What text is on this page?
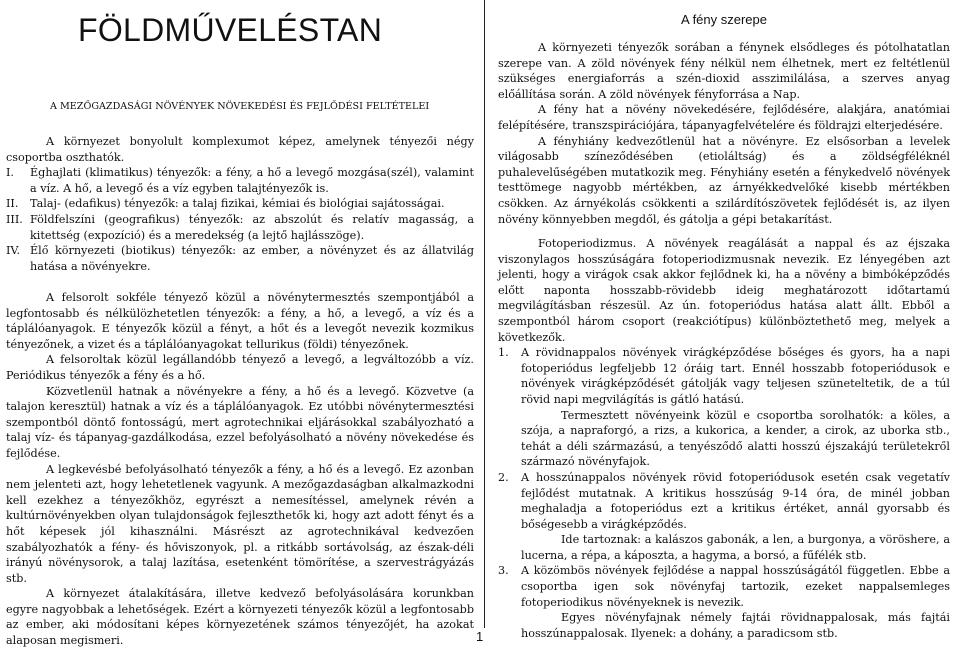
FÖLDMŰVELÉSTAN
A MEZŐGAZDASÁGI NÖVÉNYEK NÖVEKEDÉSI ÉS FEJLŐDÉSI FELTÉTELEI

A környezet bonyolult komplexumot képez, amelynek tényezői négy csoportba oszthatók.

I. Éghajlati (klimatikus) tényezők: a fény, a hő a levegő mozgása(szél), valamint a víz. A hő, a levegő és a víz egyben talajtényezők is.
II. Talaj- (edafikus) tényezők: a talaj fizikai, kémiai és biológiai sajátosságai.
III. Földfelszíni (geografikus) tényezők: az abszolút és relatív magasság, a kitettség (expozíció) és a meredekség (a lejtő hajlásszöge).
IV. Élő környezeti (biotikus) tényezők: az ember, a növényzet és az állatvilág hatása a növényekre.

A felsorolt sokféle tényező közül a növénytermesztés szempontjából a legfontosabb és nélkülözhetetlen tényezők: a fény, a hő, a levegő, a víz és a táplálóanyagok. E tényezők közül a fényt, a hőt és a levegőt nevezik kozmikus tényezőnek, a vizet és a táplálóanyagokat tellurikus (földi) tényezőnek.

A felsoroltak közül legállandóbb tényező a levegő, a legváltozóbb a víz. Periódikus tényezők a fény és a hő.

Közvetlenül hatnak a növényekre a fény, a hő és a levegő. Közvetve (a talajon keresztül) hatnak a víz és a táplálóanyagok. Ez utóbbi növénytermesztési szempontból döntő fontosságú, mert agrotechnikai eljárásokkal szabályozható a talaj víz- és tápanyag-gazdálkodása, ezzel befolyásolható a növény növekedése és fejlődése.

A legkevésbé befolyásolható tényezők a fény, a hő és a levegő. Ez azonban nem jelenteti azt, hogy lehetetlenek vagyunk. A mezőgazdaságban alkalmazkodni kell ezekhez a tényezőkhöz, egyrészt a nemesítéssel, amelynek révén a kultúrnövényekben olyan tulajdonságok fejleszthetők ki, hogy azt adott fényt és a hőt képesek jól kihasználni. Másrészt az agrotechnikával kedvezően szabályozhatók a fény- és hőviszonyok, pl. a ritkább sortávolság, az észak-déli irányú növénysorok, a talaj lazítása, esetenként tömörítése, a szervestrágyázás stb.

A környezet átalakítására, illetve kedvező befolyásolására korunkban egyre nagyobbak a lehetőségek. Ezért a környezeti tényezők közül a legfontosabb az ember, aki módosítani képes környezetének számos tényezőjét, ha azokat alaposan megismeri.

A fény szerepe

A környezeti tényezők sorában a fénynek elsődleges és pótolhatatlan szerepe van. A zöld növények fény nélkül nem élhetnek, mert ez feltétlenül szükséges energiaforrás a szén-dioxid asszimilálása, a szerves anyag előállítása során. A zöld növények fényforrása a Nap.

A fény hat a növény növekedésére, fejlődésére, alakjára, anatómiai felépítésére, transzspirációjára, tápanyagfelvételére és földrajzi elterjedésére.

A fényhiány kedvezőtlenül hat a növényre. Ez elsősorban a levelek világosabb színeződésében (etioláltság) és a zöldségféléknél puhalevelűségében mutatkozik meg. Fényhiány esetén a fénykedvelő növények testtömege nagyobb mértékben, az árnyékkedvelőké kisebb mértékben csökken. Az árnyékolás csökkenti a szilárdítószövetek fejlődését is, az ilyen növény könnyebben megdől, és gátolja a gépi betakarítást.

Fotoperiodizmus. A növények reagálását a nappal és az éjszaka viszonylagos hosszúságára fotoperiodizmusnak nevezik. Ez lényegében azt jelenti, hogy a virágok csak akkor fejlődnek ki, ha a növény a bimbóképződés előtt naponta hosszabb-rövidebb ideig meghatározott időtartamú megvilágításban részesül. Az ún. fotoperiódus hatása alatt állt. Ebből a szempontból három csoport (reakciótípus) különböztethető meg, melyek a következők.

1. A rövidnappalos növények virágképződése bőséges és gyors, ha a napi fotoperiódus legfeljebb 12 óráig tart. Ennél hosszabb fotoperiódusok e növények virágképződését gátolják vagy teljesen szüneteltetik, de a túl rövid napi megvilágítás is gátló hatású.
Termesztett növényeink közül e csoportba sorolhatók: a köles, a szója, a napraforgó, a rizs, a kukorica, a kender, a cirok, az uborka stb., tehát a déli származású, a tenyésződő alatti hosszú éjszakájú területekről származó növényfajok.
2. A hosszúnappalos növények rövid fotoperiódusok esetén csak vegetatív fejlődést mutatnak. A kritikus hosszúság 9-14 óra, de minél jobban meghaladja a fotoperiódus ezt a kritikus értéket, annál gyorsabb és bőségesebb a virágképződés.
Ide tartoznak: a kalászos gabonák, a len, a burgonya, a vöröshere, a lucerna, a répa, a káposzta, a hagyma, a borsó, a fűfélék stb.
3. A közömbös növények fejlődése a nappal hosszúságától független. Ebbe a csoportba igen sok növényfaj tartozik, ezeket nappalsemleges fotoperiodikus növényeknek is nevezik.
Egyes növényfajnak némely fajtái rövidnappalosak, más fajtái hosszúnappalosak. Ilyenek: a dohány, a paradicsom stb.
1
